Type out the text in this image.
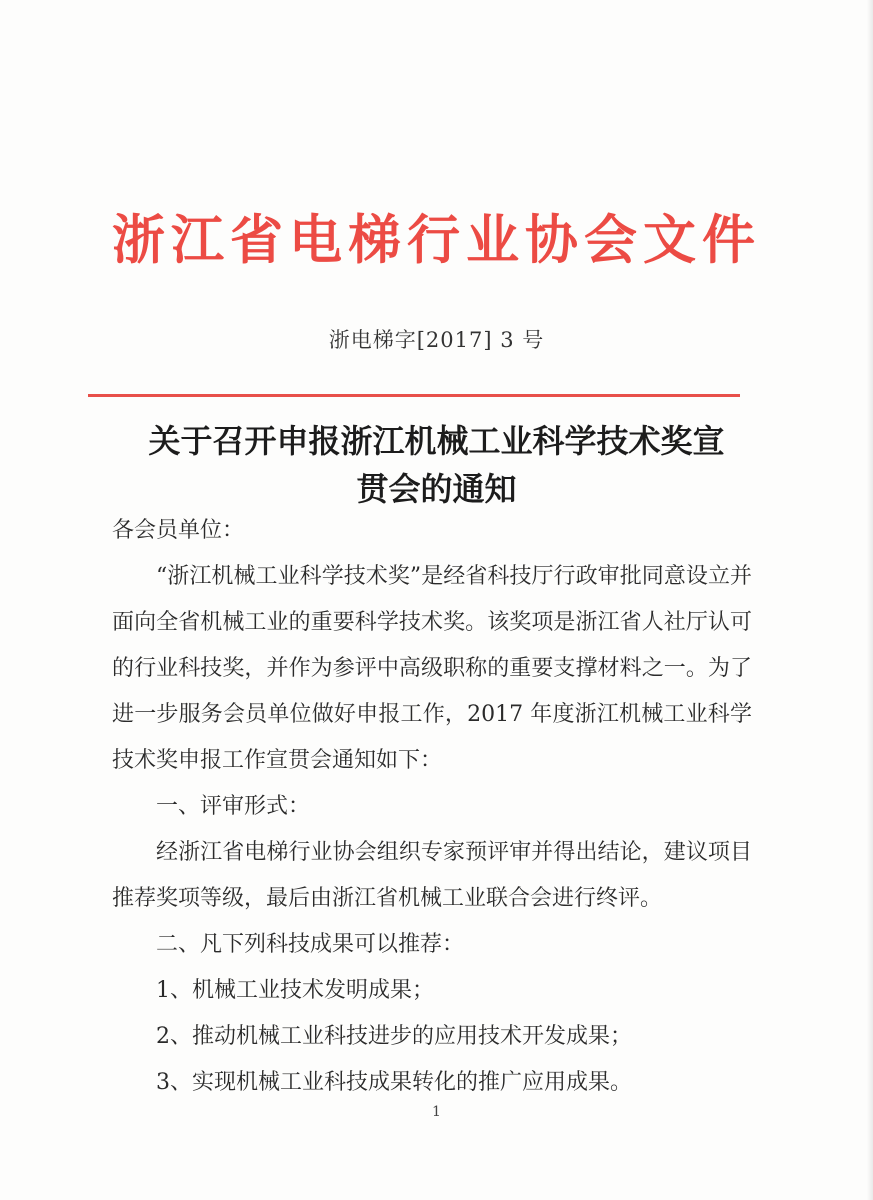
浙江省电梯行业协会文件
浙电梯字[2017] 3 号
关于召开申报浙江机械工业科学技术奖宣
贯会的通知

各会员单位：

“浙江机械工业科学技术奖”是经省科技厅行政审批同意设立并面向全省机械工业的重要科学技术奖。该奖项是浙江省人社厅认可的行业科技奖，并作为参评中高级职称的重要支撑材料之一。为了进一步服务会员单位做好申报工作，2017 年度浙江机械工业科学技术奖申报工作宣贯会通知如下：

一、评审形式：

经浙江省电梯行业协会组织专家预评审并得出结论，建议项目推荐奖项等级，最后由浙江省机械工业联合会进行终评。

二、凡下列科技成果可以推荐：

1、机械工业技术发明成果；

2、推动机械工业科技进步的应用技术开发成果；

3、实现机械工业科技成果转化的推广应用成果。

1
